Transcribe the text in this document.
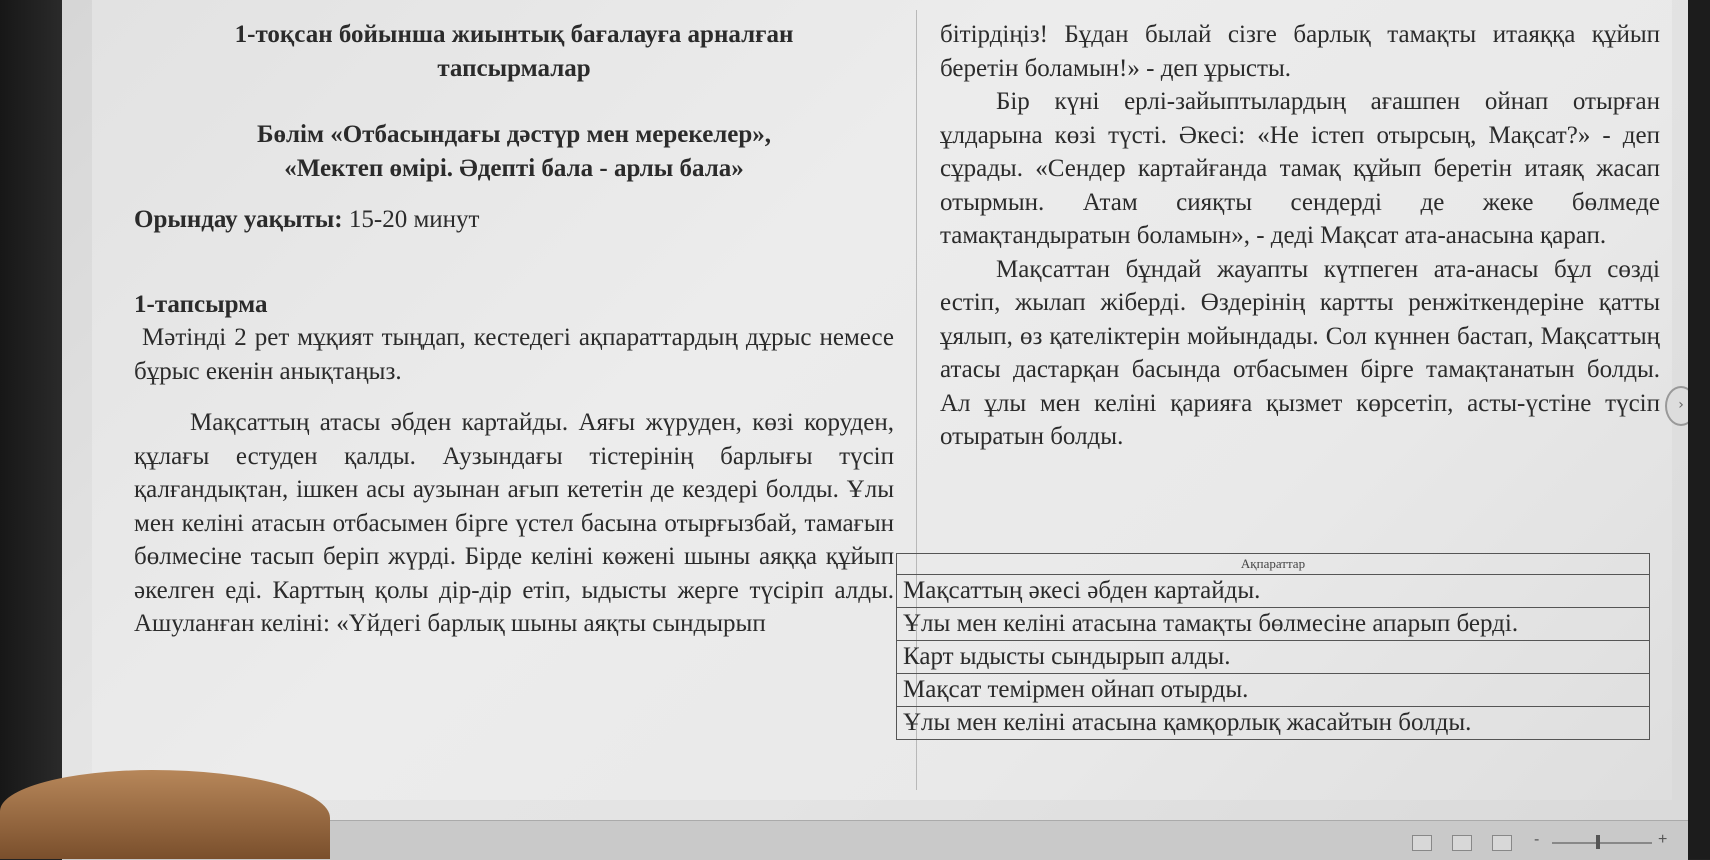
1-тоқсан бойынша жиынтық бағалауға арналған

тапсырмалар

Бөлім «Отбасындағы дәстүр мен мерекелер»,

«Мектеп өмірі. Әдепті бала - арлы бала»

Орындау уақыты: 15-20 минут

1-тапсырма

Мәтінді 2 рет мұқият тыңдап, кестедегі ақпараттардың дұрыс немесе бұрыс екенін анықтаңыз.

Мақсаттың атасы әбден картайды. Аяғы жүруден, көзі коруден, құлағы естуден қалды. Аузындағы тістерінің барлығы түсіп қалғандықтан, ішкен асы аузынан ағып кететін де кездері болды. Ұлы мен келіні атасын отбасымен бірге үстел басына отырғызбай, тамағын бөлмесіне тасып беріп жүрді. Бірде келіні көжені шыны аяққа құйып әкелген еді. Карттың қолы дір-дір етіп, ыдысты жерге түсіріп алды. Ашуланған келіні: «Үйдегі барлық шыны аяқты сындырып

бітірдіңіз! Бұдан былай сізге барлық тамақты итаяққа құйып беретін боламын!» - деп ұрысты.

Бір күні ерлі-зайыптылардың ағашпен ойнап отырған ұлдарына көзі түсті. Әкесі: «Не істеп отырсың, Мақсат?» - деп сұрады. «Сендер картайғанда тамақ құйып беретін итаяқ жасап отырмын. Атам сияқты сендерді де жеке бөлмеде тамақтандыратын боламын», - деді Мақсат ата-анасына қарап.

Мақсаттан бұндай жауапты күтпеген ата-анасы бұл сөзді естіп, жылап жіберді. Өздерінің картты ренжіткендеріне қатты ұялып, өз қателіктерін мойындады. Сол күннен бастап, Мақсаттың атасы дастарқан басында отбасымен бірге тамақтанатын болды. Ал ұлы мен келіні қарияға қызмет көрсетіп, асты-үстіне түсіп отыратын болды.

Ақпараттар
Мақсаттың әкесі әбден картайды.
Ұлы мен келіні атасына тамақты бөлмесіне апарып берді.
Карт ыдысты сындырып алды.
Мақсат темірмен ойнап отырды.
Ұлы мен келіні атасына қамқорлық жасайтын болды.
›
-	+
